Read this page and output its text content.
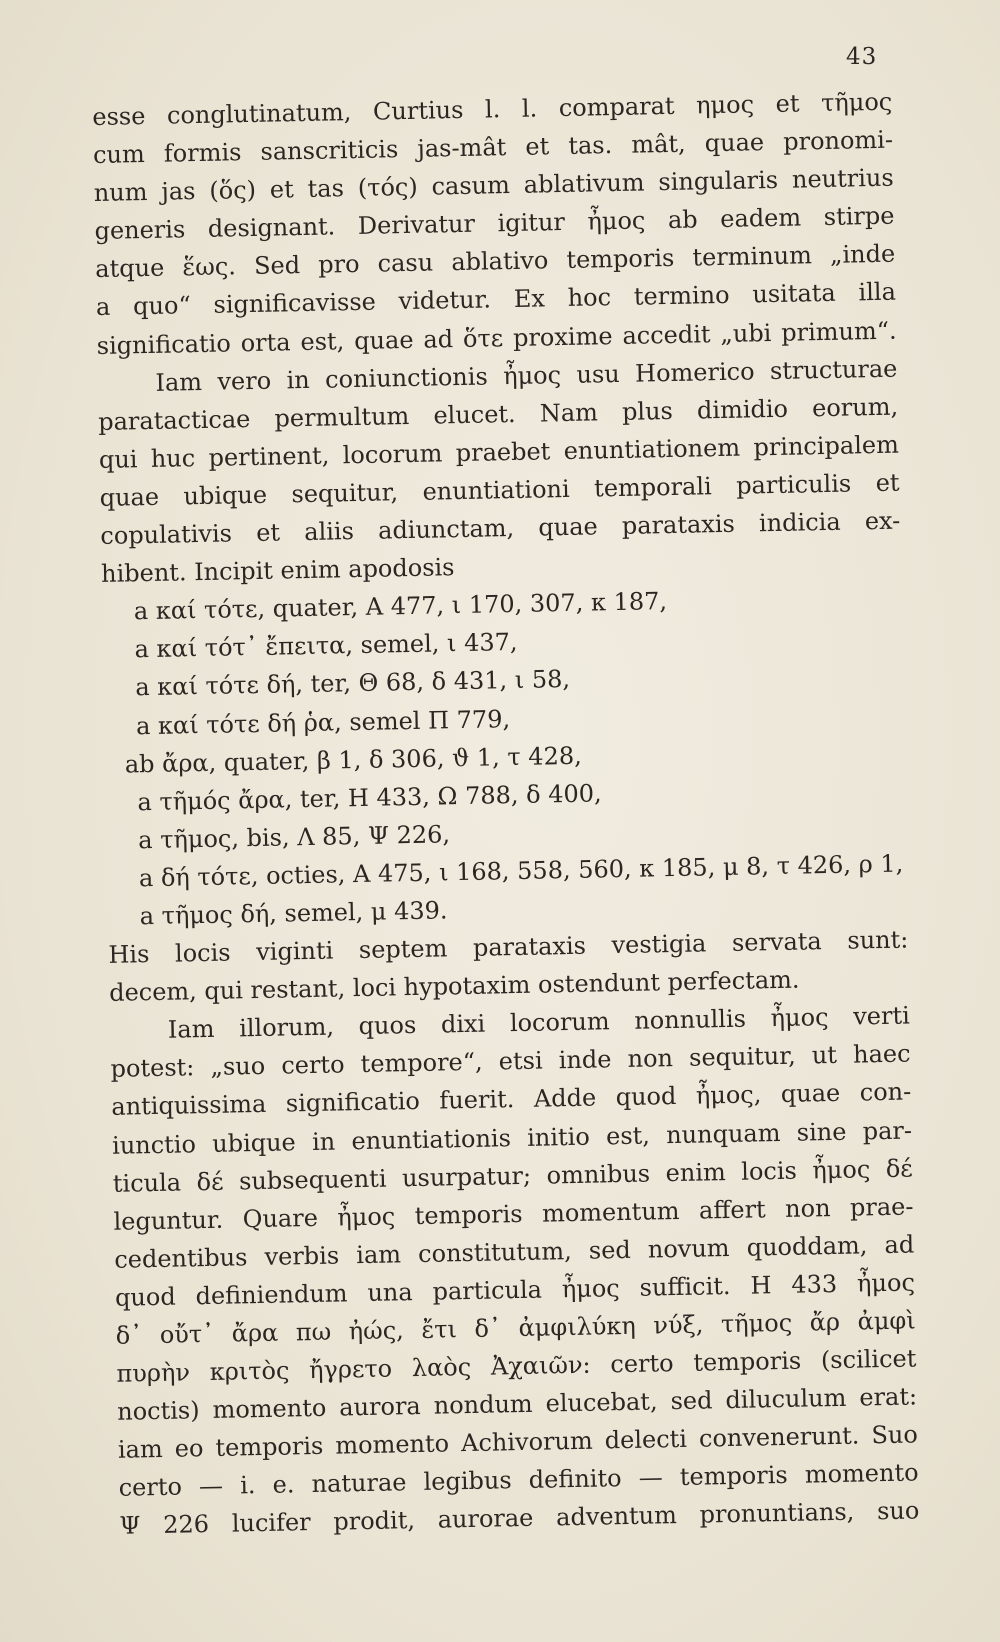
43
esse conglutinatum, Curtius l. l. comparat ημος et τῆμος
cum formis sanscriticis jas-mât et tas. mât, quae pronomi-
num jas (ὅς) et tas (τός) casum ablativum singularis neutrius
generis designant. Derivatur igitur ἦμος ab eadem stirpe
atque ἕως. Sed pro casu ablativo temporis terminum „inde
a quo“ significavisse videtur. Ex hoc termino usitata illa
significatio orta est, quae ad ὅτε proxime accedit „ubi primum“.
Iam vero in coniunctionis ἦμος usu Homerico structurae
paratacticae permultum elucet. Nam plus dimidio eorum,
qui huc pertinent, locorum praebet enuntiationem principalem
quae ubique sequitur, enuntiationi temporali particulis et
copulativis et aliis adiunctam, quae parataxis indicia ex-
hibent. Incipit enim apodosis
a καί τότε, quater, A 477, ι 170, 307, κ 187,
a καί τότ᾽ ἔπειτα, semel, ι 437,
a καί τότε δή, ter, Θ 68, δ 431, ι 58,
a καί τότε δή ῥα, semel Π 779,
ab ἄρα, quater, β 1, δ 306, ϑ 1, τ 428,
a τῆμός ἄρα, ter, Η 433, Ω 788, δ 400,
a τῆμος, bis, Λ 85, Ψ 226,
a δή τότε, octies, A 475, ι 168, 558, 560, κ 185, μ 8, τ 426, ρ 1,
a τῆμος δή, semel, μ 439.
His locis viginti septem parataxis vestigia servata sunt:
decem, qui restant, loci hypotaxim ostendunt perfectam.
Iam illorum, quos dixi locorum nonnullis ἦμος verti
potest: „suo certo tempore“, etsi inde non sequitur, ut haec
antiquissima significatio fuerit. Adde quod ἦμος, quae con-
iunctio ubique in enuntiationis initio est, nunquam sine par-
ticula δέ subsequenti usurpatur; omnibus enim locis ἦμος δέ
leguntur. Quare ἦμος temporis momentum affert non prae-
cedentibus verbis iam constitutum, sed novum quoddam, ad
quod definiendum una particula ἦμος sufficit. Η 433 ἦμος
δ᾽ οὔτ᾽ ἄρα πω ἠώς, ἔτι δ᾽ ἀμφιλύκη νύξ, τῆμος ἄρ ἀμφὶ
πυρὴν κριτὸς ἤγρετο λαὸς Ἀχαιῶν: certo temporis (scilicet
noctis) momento aurora nondum elucebat, sed diluculum erat:
iam eo temporis momento Achivorum delecti convenerunt. Suo
certo — i. e. naturae legibus definito — temporis momento
Ψ 226 lucifer prodit, aurorae adventum pronuntians, suo
